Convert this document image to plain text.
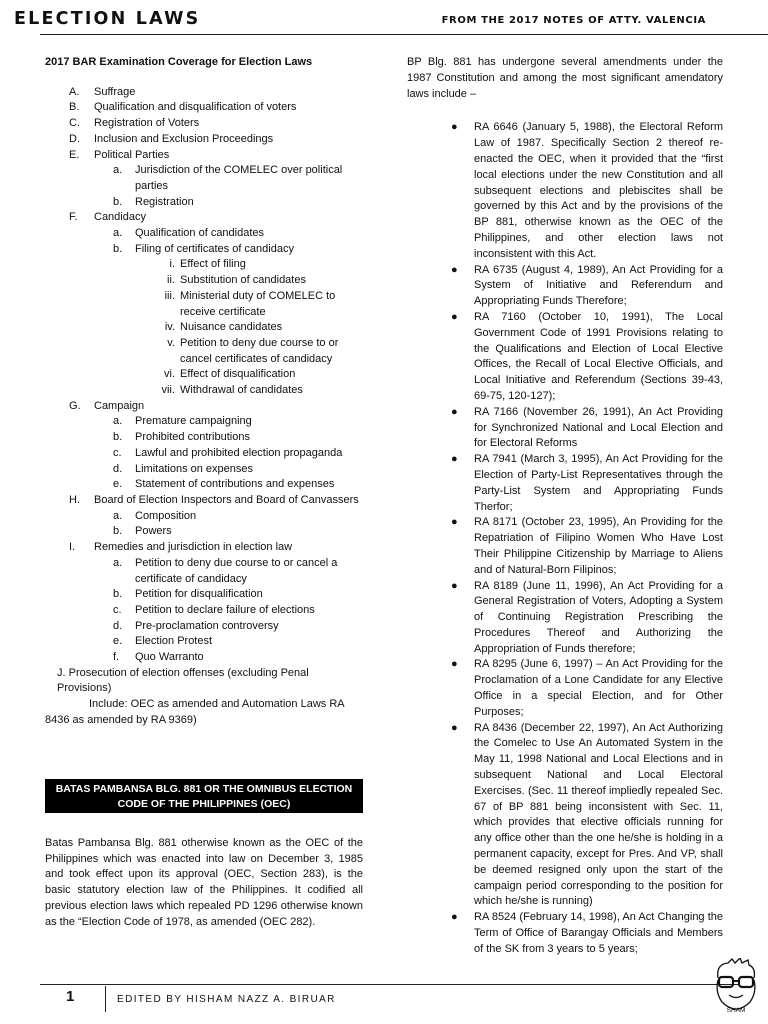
ELECTION LAWS	FROM THE 2017 NOTES OF ATTY. VALENCIA
2017 BAR Examination Coverage for Election Laws
A. Suffrage
B. Qualification and disqualification of voters
C. Registration of Voters
D. Inclusion and Exclusion Proceedings
E. Political Parties
a. Jurisdiction of the COMELEC over political parties
b. Registration
F. Candidacy
a. Qualification of candidates
b. Filing of certificates of candidacy
i. Effect of filing
ii. Substitution of candidates
iii. Ministerial duty of COMELEC to receive certificate
iv. Nuisance candidates
v. Petition to deny due course to or cancel certificates of candidacy
vi. Effect of disqualification
vii. Withdrawal of candidates
G. Campaign
a. Premature campaigning
b. Prohibited contributions
c. Lawful and prohibited election propaganda
d. Limitations on expenses
e. Statement of contributions and expenses
H. Board of Election Inspectors and Board of Canvassers
a. Composition
b. Powers
I. Remedies and jurisdiction in election law
a. Petition to deny due course to or cancel a certificate of candidacy
b. Petition for disqualification
c. Petition to declare failure of elections
d. Pre-proclamation controversy
e. Election Protest
f. Quo Warranto
J. Prosecution of election offenses (excluding Penal Provisions)
Include: OEC as amended and Automation Laws RA 8436 as amended by RA 9369)
BATAS PAMBANSA BLG. 881 OR THE OMNIBUS ELECTION CODE OF THE PHILIPPINES (OEC)
Batas Pambansa Blg. 881 otherwise known as the OEC of the Philippines which was enacted into law on December 3, 1985 and took effect upon its approval (OEC, Section 283), is the basic statutory election law of the Philippines. It codified all previous election laws which repealed PD 1296 otherwise known as the “Election Code of 1978, as amended (OEC 282).
BP Blg. 881 has undergone several amendments under the 1987 Constitution and among the most significant amendatory laws include –
● RA 6646 (January 5, 1988), the Electoral Reform Law of 1987. Specifically Section 2 thereof re-enacted the OEC, when it provided that the “first local elections under the new Constitution and all subsequent elections and plebiscites shall be governed by this Act and by the provisions of the BP 881, otherwise known as the OEC of the Philippines, and other election laws not inconsistent with this Act.
● RA 6735 (August 4, 1989), An Act Providing for a System of Initiative and Referendum and Appropriating Funds Therefore;
● RA 7160 (October 10, 1991), The Local Government Code of 1991 Provisions relating to the Qualifications and Election of Local Elective Offices, the Recall of Local Elective Officials, and Local Initiative and Referendum (Sections 39-43, 69-75, 120-127);
● RA 7166 (November 26, 1991), An Act Providing for Synchronized National and Local Election and for Electoral Reforms
● RA 7941 (March 3, 1995), An Act Providing for the Election of Party-List Representatives through the Party-List System and Appropriating Funds Therfor;
● RA 8171 (October 23, 1995), An Providing for the Repatriation of Filipino Women Who Have Lost Their Philippine Citizenship by Marriage to Aliens and of Natural-Born Filipinos;
● RA 8189 (June 11, 1996), An Act Providing for a General Registration of Voters, Adopting a System of Continuing Registration Prescribing the Procedures Thereof and Authorizing the Appropriation of Funds therefore;
● RA 8295 (June 6, 1997) – An Act Providing for the Proclamation of a Lone Candidate for any Elective Office in a special Election, and for Other Purposes;
● RA 8436 (December 22, 1997), An Act Authorizing the Comelec to Use An Automated System in the May 11, 1998 National and Local Elections and in subsequent National and Local Electoral Exercises. (Sec. 11 thereof impliedly repealed Sec. 67 of BP 881 being inconsistent with Sec. 11, which provides that elective officials running for any office other than the one he/she is holding in a permanent capacity, except for Pres. And VP, shall be deemed resigned only upon the start of the campaign period corresponding to the position for which he/she is running)
● RA 8524 (February 14, 1998), An Act Changing the Term of Office of Barangay Officials and Members of the SK from 3 years to 5 years;
1	EDITED BY HISHAM NAZZ A. BIRUAR
SHAM
